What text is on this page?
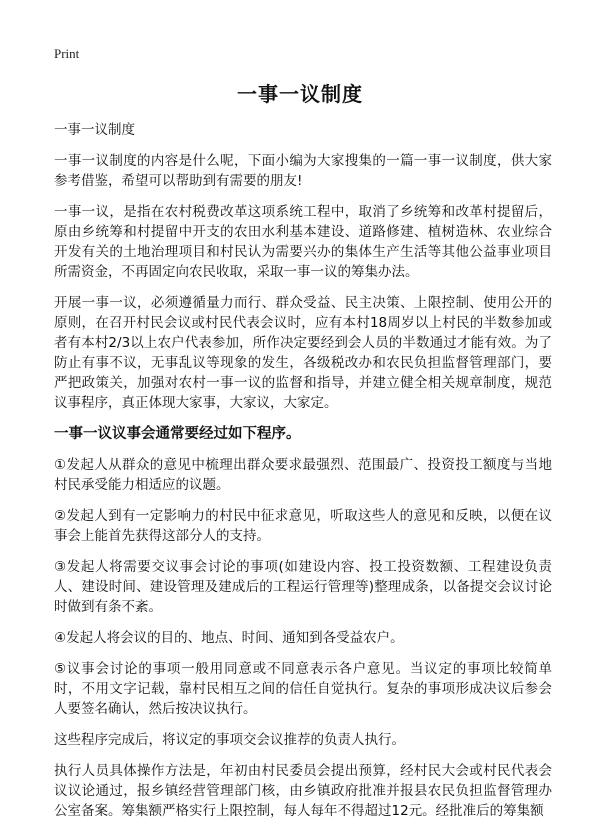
Print
一事一议制度

一事一议制度

一事一议制度的内容是什么呢，下面小编为大家搜集的一篇一事一议制度，供大家参考借鉴，希望可以帮助到有需要的朋友!

一事一议，是指在农村税费改革这项系统工程中，取消了乡统筹和改革村提留后，原由乡统筹和村提留中开支的农田水利基本建设、道路修建、植树造林、农业综合开发有关的土地治理项目和村民认为需要兴办的集体生产生活等其他公益事业项目所需资金，不再固定向农民收取，采取一事一议的筹集办法。

开展一事一议，必须遵循量力而行、群众受益、民主决策、上限控制、使用公开的原则，在召开村民会议或村民代表会议时，应有本村18周岁以上村民的半数参加或者有本村2/3以上农户代表参加，所作决定要经到会人员的半数通过才能有效。为了防止有事不议，无事乱议等现象的发生，各级税改办和农民负担监督管理部门，要严把政策关，加强对农村一事一议的监督和指导，并建立健全相关规章制度，规范议事程序，真正体现大家事，大家议，大家定。

一事一议议事会通常要经过如下程序。

①发起人从群众的意见中梳理出群众要求最强烈、范围最广、投资投工额度与当地村民承受能力相适应的议题。

②发起人到有一定影响力的村民中征求意见，听取这些人的意见和反映，以便在议事会上能首先获得这部分人的支持。

③发起人将需要交议事会讨论的事项(如建设内容、投工投资数额、工程建设负责人、建设时间、建设管理及建成后的工程运行管理等)整理成条，以备提交会议讨论时做到有条不紊。

④发起人将会议的目的、地点、时间、通知到各受益农户。

⑤议事会讨论的事项一般用同意或不同意表示各户意见。当议定的事项比较简单时，不用文字记载，靠村民相互之间的信任自觉执行。复杂的事项形成决议后参会人要签名确认，然后按决议执行。

这些程序完成后，将议定的事项交会议推荐的负责人执行。

执行人员具体操作方法是，年初由村民委员会提出预算，经村民大会或村民代表会议议论通过，报乡镇经营管理部门核，由乡镇政府批准并报县农民负担监督管理办公室备案。筹集额严格实行上限控制，每人每年不得超过12元。经批准后的筹集额
